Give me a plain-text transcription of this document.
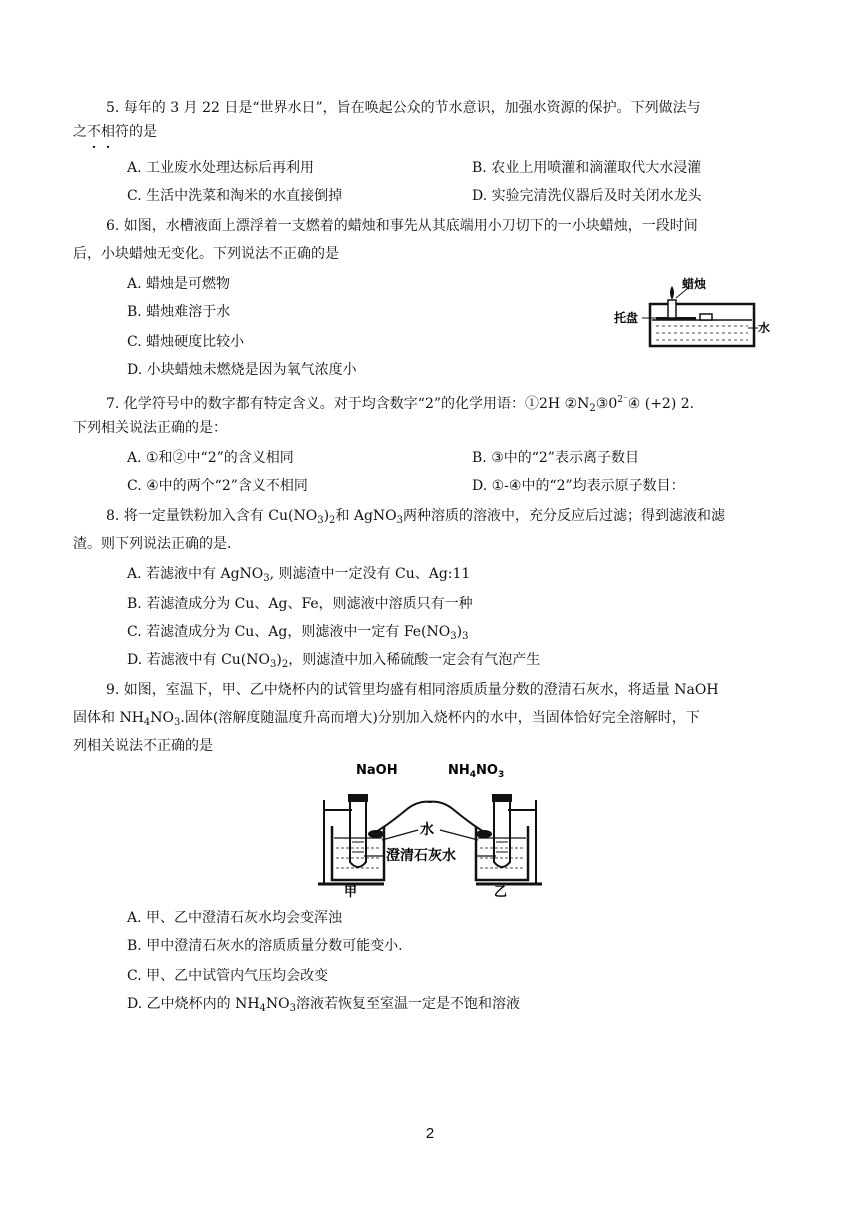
5. 每年的 3 月 22 日是“世界水日”，旨在唤起公众的节水意识，加强水资源的保护。下列做法与
之不相符的是
A. 工业废水处理达标后再利用	B. 农业上用喷灌和滴灌取代大水浸灌
C. 生活中洗菜和淘米的水直接倒掉	D. 实验完清洗仪器后及时关闭水龙头
6. 如图，水槽液面上漂浮着一支燃着的蜡烛和事先从其底端用小刀切下的一小块蜡烛，一段时间
后，小块蜡烛无变化。下列说法不正确的是
A. 蜡烛是可燃物
B. 蜡烛难溶于水
C. 蜡烛硬度比较小
D. 小块蜡烛未燃烧是因为氧气浓度小
蜡烛
托盘
水
7. 化学符号中的数字都有特定含义。对于均含数字“2”的化学用语：①2H $②N_2③0^{2^-}④$ (+2) 2.
下列相关说法正确的是：
A. ①和②中“2”的含义相同	B. ③中的“2”表示离子数目
C. ④中的两个“2”含义不相同	D. ①-④中的“2”均表示原子数目：
8. 将一定量铁粉加入含有 $Cu(NO_3)_2$和 AgNO$_3$两种溶质的溶液中，充分反应后过滤；得到滤液和滤
渣。则下列说法正确的是.
A. 若滤液中有 AgNO$_3$, 则滤渣中一定没有 Cu、Ag:11
B. 若滤渣成分为 Cu、Ag、Fe，则滤液中溶质只有一种
C. 若滤渣成分为 Cu、Ag，则滤液中一定有 $Fe(NO_3)_3$
D. 若滤液中有 $Cu(NO_3)_2$，则滤渣中加入稀硫酸一定会有气泡产生
9. 如图，室温下，甲、乙中烧杯内的试管里均盛有相同溶质质量分数的澄清石灰水，将适量 NaOH
固体和 $NH_4NO_3$.固体(溶解度随温度升高而增大)分别加入烧杯内的水中，当固体恰好完全溶解时，下
列相关说法不正确的是
NaOH	$NH_4NO_3$
水
澄清石灰水
甲	乙
A. 甲、乙中澄清石灰水均会变浑浊
B. 甲中澄清石灰水的溶质质量分数可能变小.
C. 甲、乙中试管内气压均会改变
D. 乙中烧杯内的 $NH_4NO_3$溶液若恢复至室温一定是不饱和溶液
2
